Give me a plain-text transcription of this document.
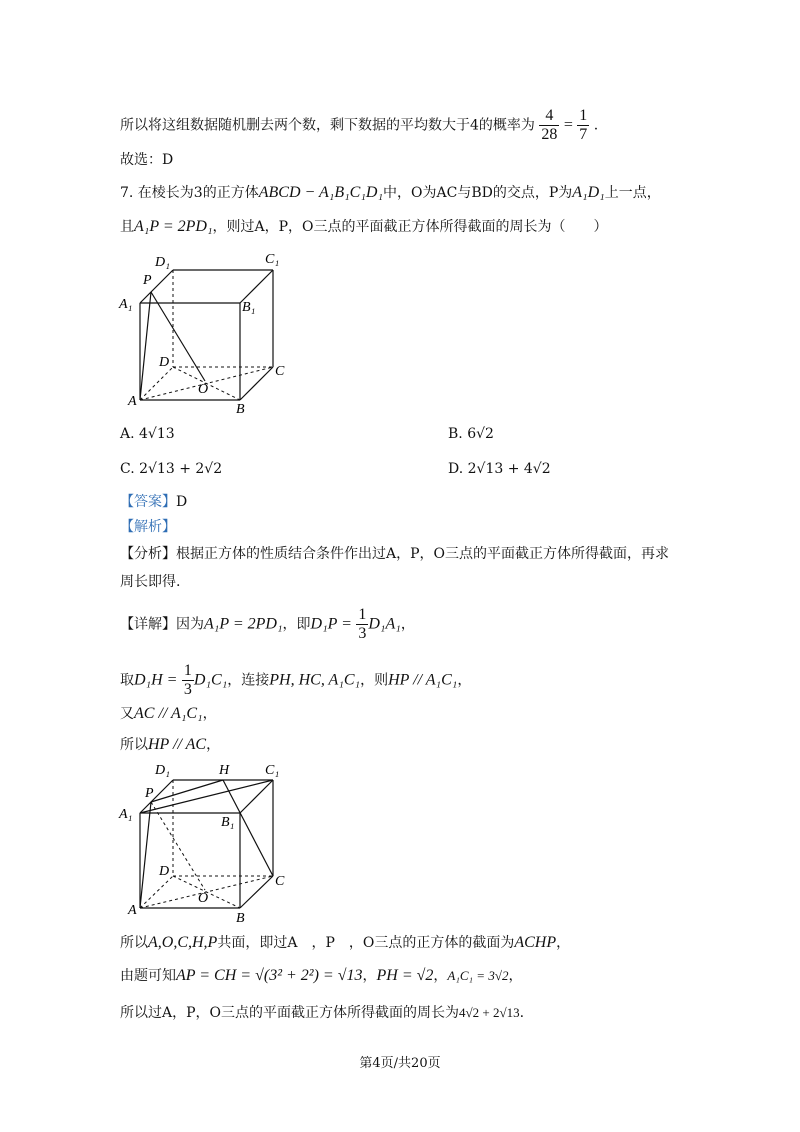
所以将这组数据随机删去两个数，剩下数据的平均数大于4的概率为 $\frac{4}{28} = \frac{1}{7}$ .
故选：D
7. 在棱长为3的正方体ABCD − A₁B₁C₁D₁中，O为AC与BD的交点，P为A₁D₁上一点，
且A₁P = 2PD₁，则过A，P，O三点的平面截正方体所得截面的周长为（　　）
D₁	C₁
P
A₁	B₁
D
C
O
A
B
A. 4√13	B. 6√2
C. 2√13 + 2√2	D. 2√13 + 4√2
【答案】D
【解析】
【分析】根据正方体的性质结合条件作出过A，P，O三点的平面截正方体所得截面，再求
周长即得.
【详解】因为A₁P = 2PD₁，即$D_1P = \frac{1}{3} D_1A_1$，
取$D_1H = \frac{1}{3} D_1C_1$，连接PH, HC, A₁C₁，则HP // A₁C₁，
又AC // A₁C₁，
所以HP // AC，
D₁	H	C₁
P
A₁
B₁
D
C
O
A
B
所以A,O,C,H,P共面，即过A　，P　，O三点的正方体的截面为ACHP，
由题可知AP = CH = √(3² + 2²) = √13，PH = √2，A₁C₁ = 3√2，
所以过A，P，O三点的平面截正方体所得截面的周长为4√2 + 2√13.
第4页/共20页
